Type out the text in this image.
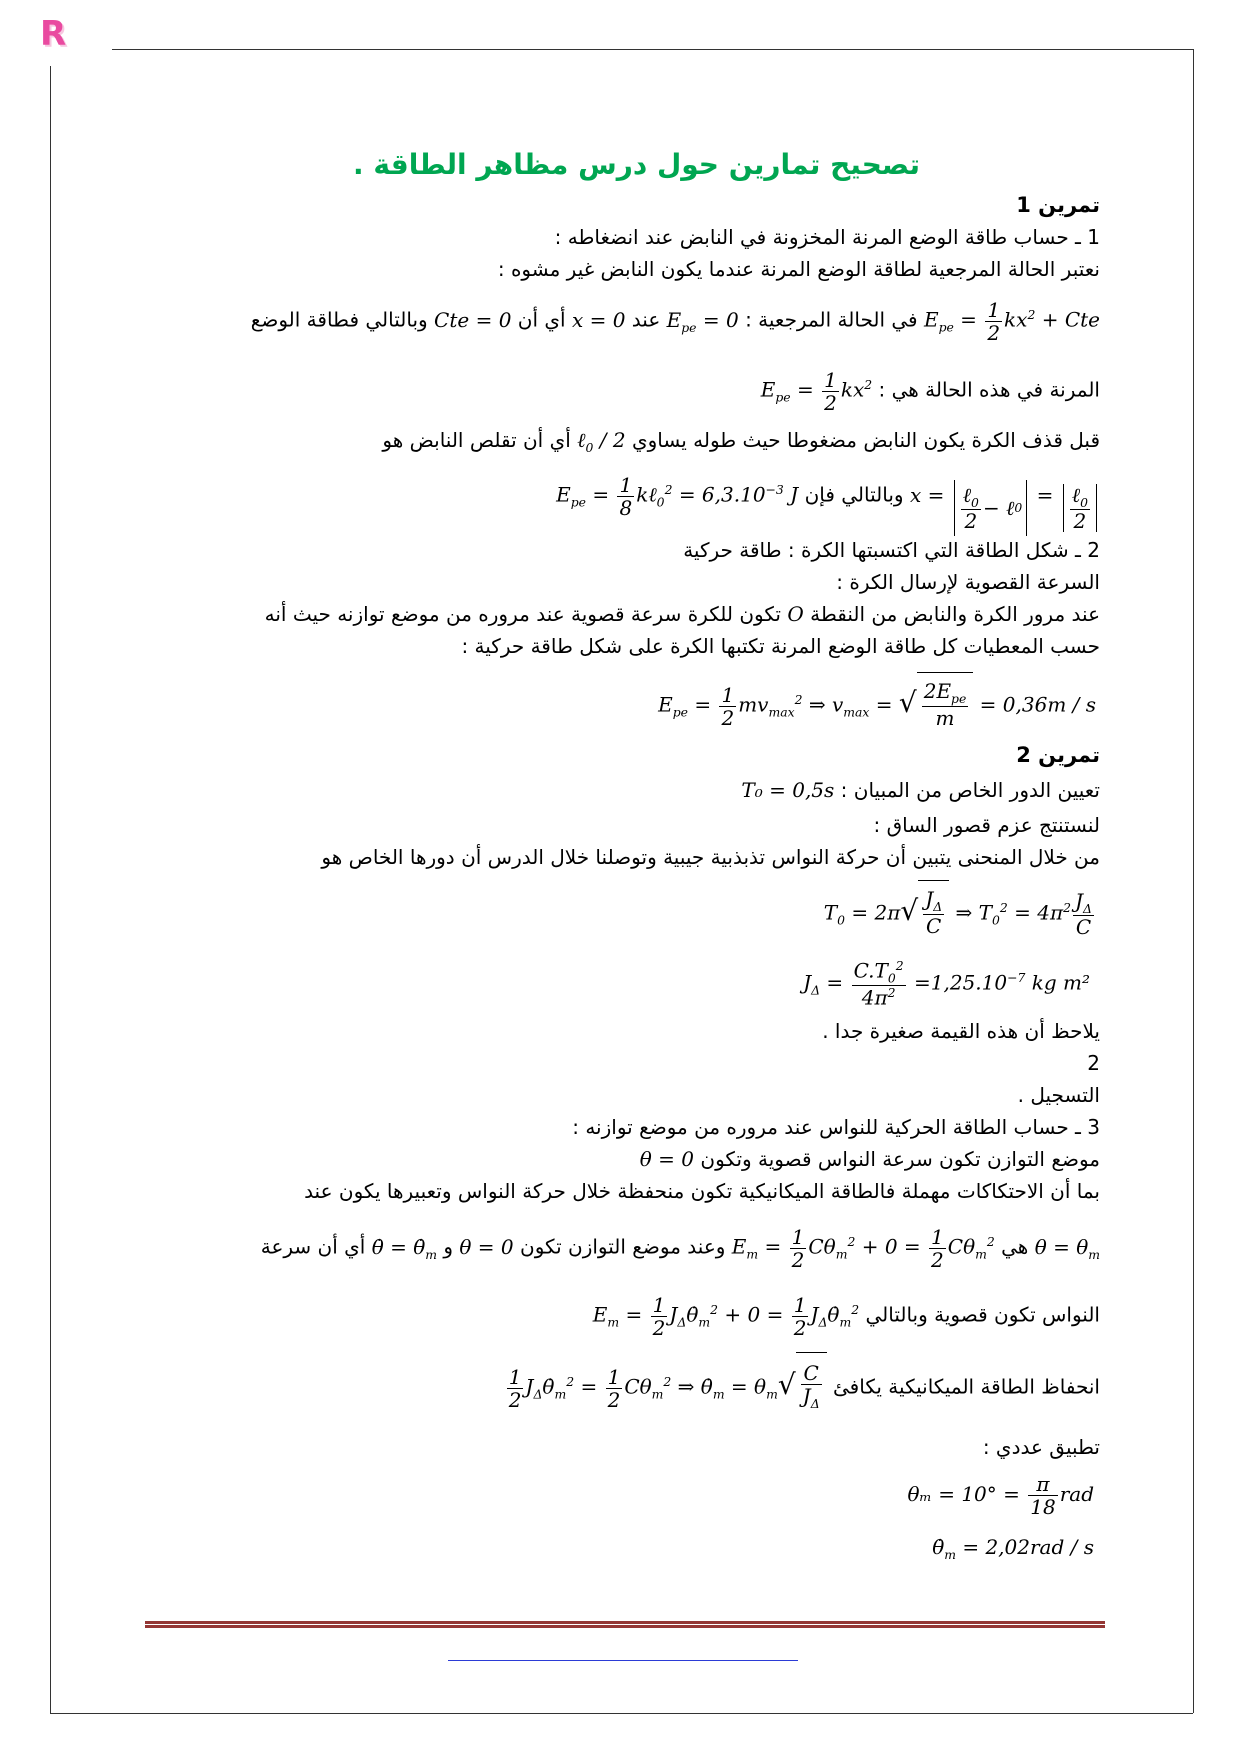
R
تصحيح تمارين حول درس مظاهر الطاقة .
تمرين 1
1 ـ حساب طاقة الوضع المرنة المخزونة في النابض عند انضغاطه :
نعتبر الحالة المرجعية لطاقة الوضع المرنة عندما يكون النابض غير مشوه :
$E_{pe} = \frac{1}{2} kx^2$ + Cte في الحالة المرجعية : $E_{pe} = 0$ عند x = 0 أي أن Cte = 0 وبالتالي فطاقة الوضع
المرنة في هذه الحالة هي : $E_{pe} = \frac{1}{2} kx^2$
قبل قذف الكرة يكون النابض مضغوطا حيث طوله يساوي ℓ$_0$ / 2 أي أن تقلص النابض هو
$x = \frac{\ell_0}{2}$ − ℓ 0
= $\frac{\ell_0}{2}$
وبالتالي فإن $E_{pe} = \frac{1}{8}$ kℓ$_0^2$ = $6,3.10^{-3}$ J
2 ـ شكل الطاقة التي اكتسبتها الكرة : طاقة حركية
السرعة القصوية لإرسال الكرة :
عند مرور الكرة والنابض من النقطة O تكون للكرة سرعة قصوية عند مروره من موضع توازنه حيث أنه
حسب المعطيات كل طاقة الوضع المرنة تكتبها الكرة على شكل طاقة حركية :
$E_{pe} = \frac{1}{2} mv_{max}^2$ ⇒ $v_{max}$ = √ $\frac{2E_{pe}}{m} = 0,36m / s$
تمرين 2
تعيين الدور الخاص من المبيان : T₀ = 0,5s
لنستنتج عزم قصور الساق :
من خلال المنحنى يتبين أن حركة النواس تذبذبية جيبية وتوصلنا خلال الدرس أن دورها الخاص هو
$T_0 = 2\pi$ √ $\frac{J_\Delta}{C}$ ⇒ $T_0^2 = 4\pi^2 \frac{J_\Delta}{C}$
$J_\Delta = \frac{C.T_0^2}{4\pi^2} =1,25.10^{-7}$ kg m²
يلاحظ أن هذه القيمة صغيرة جدا .
2
التسجيل .
3 ـ حساب الطاقة الحركية للنواس عند مروره من موضع توازنه :
موضع التوازن تكون سرعة النواس قصوية وتكون θ = 0
بما أن الاحتكاكات مهملة فالطاقة الميكانيكية تكون منحفظة خلال حركة النواس وتعبيرها يكون عند
$\theta = \theta_m$ هي $E_m = \frac{1}{2} C\theta_m^2 + 0 = \frac{1}{2} C\theta_m^2$ وعند موضع التوازن تكون θ = 0 و θ̇ = $\thetȧ_m$ أي أن سرعة
النواس تكون قصوية وبالتالي $E_m = \frac{1}{2}$ $J_\Delta\thetȧ_m^2 + 0 = \frac{1}{2}$ $J_\Delta\thetȧ_m^2$
انحفاظ الطاقة الميكانيكية يكافئ
$\frac{1}{2}$ $J_\Delta\thetȧ_m^2 = \frac{1}{2} C\theta_m^2$ ⇒ $\thetȧ_m = \theta_m$ √ $\frac{C}{J_\Delta}$
تطبيق عددي :
$\theta_m = 10^\circ = \frac{\pi}{18}$ rad
$\thetȧ_m = 2,02rad / s$
